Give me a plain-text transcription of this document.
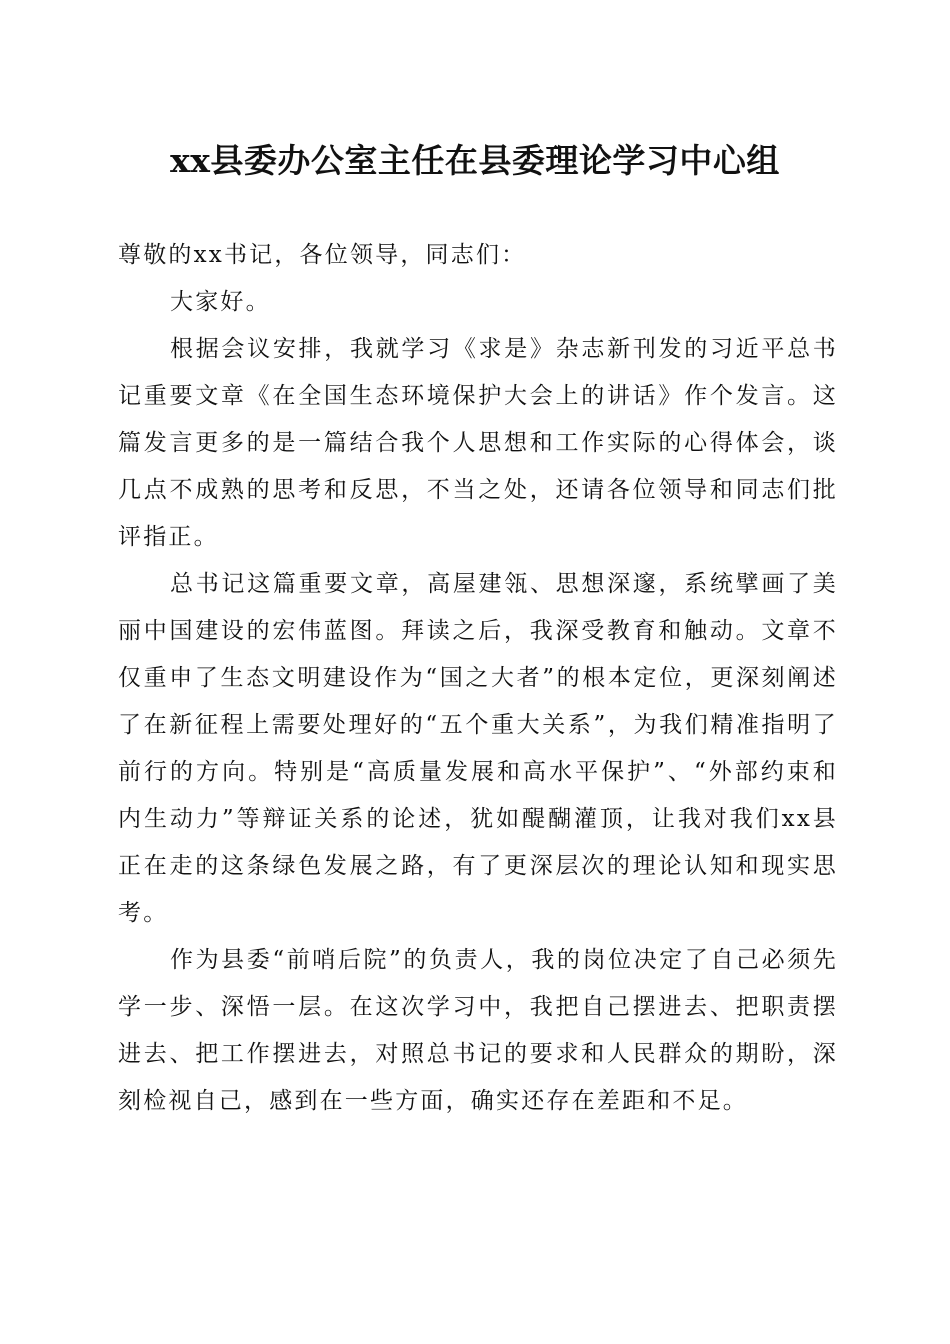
xx县委办公室主任在县委理论学习中心组

尊敬的xx书记，各位领导，同志们：

大家好。

根据会议安排，我就学习《求是》杂志新刊发的习近平总书记重要文章《在全国生态环境保护大会上的讲话》作个发言。这篇发言更多的是一篇结合我个人思想和工作实际的心得体会，谈几点不成熟的思考和反思，不当之处，还请各位领导和同志们批评指正。

总书记这篇重要文章，高屋建瓴、思想深邃，系统擘画了美丽中国建设的宏伟蓝图。拜读之后，我深受教育和触动。文章不仅重申了生态文明建设作为“国之大者”的根本定位，更深刻阐述了在新征程上需要处理好的“五个重大关系”，为我们精准指明了前行的方向。特别是“高质量发展和高水平保护”、“外部约束和内生动力”等辩证关系的论述，犹如醍醐灌顶，让我对我们xx县正在走的这条绿色发展之路，有了更深层次的理论认知和现实思考。

作为县委“前哨后院”的负责人，我的岗位决定了自己必须先学一步、深悟一层。在这次学习中，我把自己摆进去、把职责摆进去、把工作摆进去，对照总书记的要求和人民群众的期盼，深刻检视自己，感到在一些方面，确实还存在差距和不足。
